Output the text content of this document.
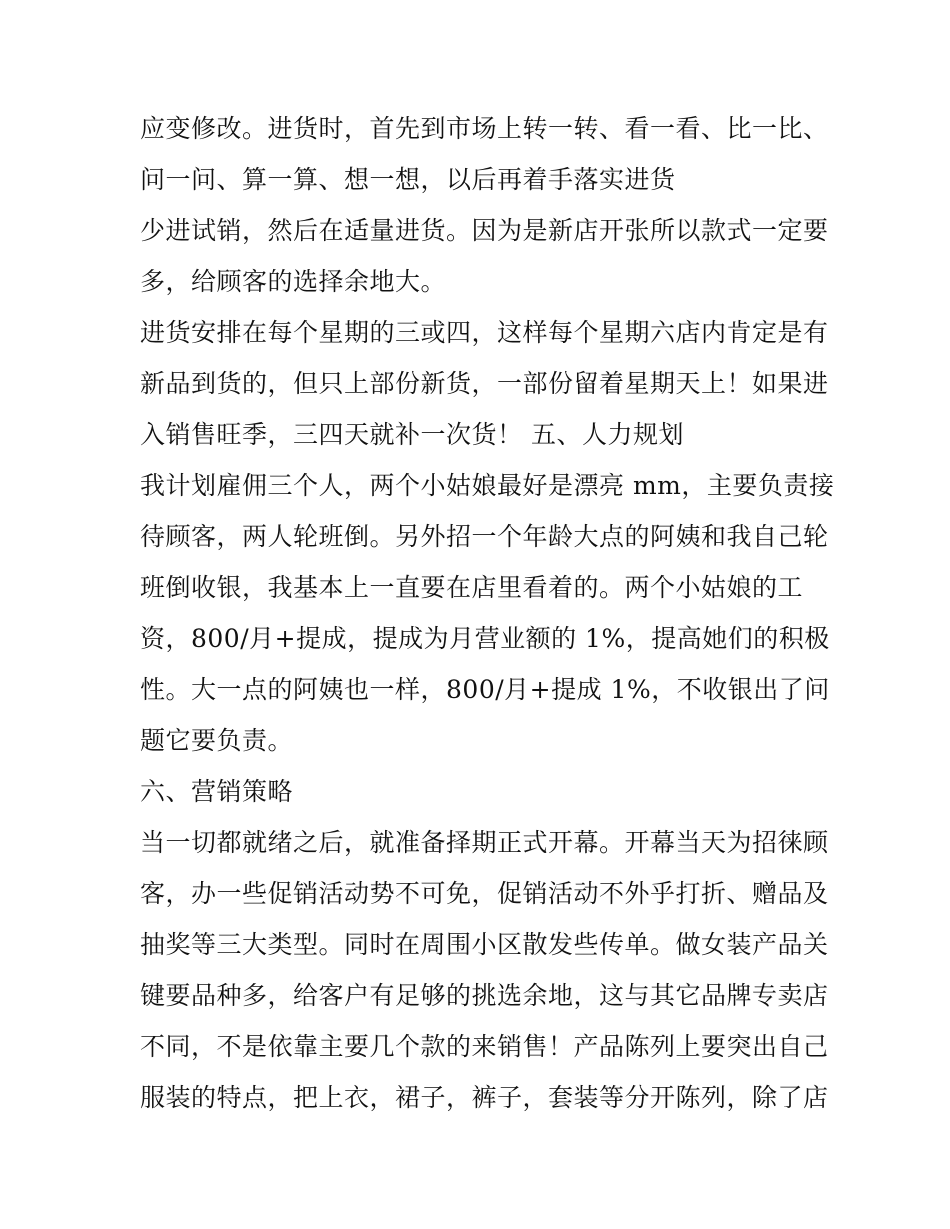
应变修改。进货时，首先到市场上转一转、看一看、比一比、
问一问、算一算、想一想，以后再着手落实进货
少进试销，然后在适量进货。因为是新店开张所以款式一定要
多，给顾客的选择余地大。
进货安排在每个星期的三或四，这样每个星期六店内肯定是有
新品到货的，但只上部份新货，一部份留着星期天上！如果进
入销售旺季，三四天就补一次货！ 五、人力规划
我计划雇佣三个人，两个小姑娘最好是漂亮 mm，主要负责接
待顾客，两人轮班倒。另外招一个年龄大点的阿姨和我自己轮
班倒收银，我基本上一直要在店里看着的。两个小姑娘的工
资，800/月+提成，提成为月营业额的 1%，提高她们的积极
性。大一点的阿姨也一样，800/月+提成 1%，不收银出了问
题它要负责。
六、营销策略
当一切都就绪之后，就准备择期正式开幕。开幕当天为招徕顾
客，办一些促销活动势不可免，促销活动不外乎打折、赠品及
抽奖等三大类型。同时在周围小区散发些传单。做女装产品关
键要品种多，给客户有足够的挑选余地，这与其它品牌专卖店
不同，不是依靠主要几个款的来销售！产品陈列上要突出自己
服装的特点，把上衣，裙子，裤子，套装等分开陈列，除了店
